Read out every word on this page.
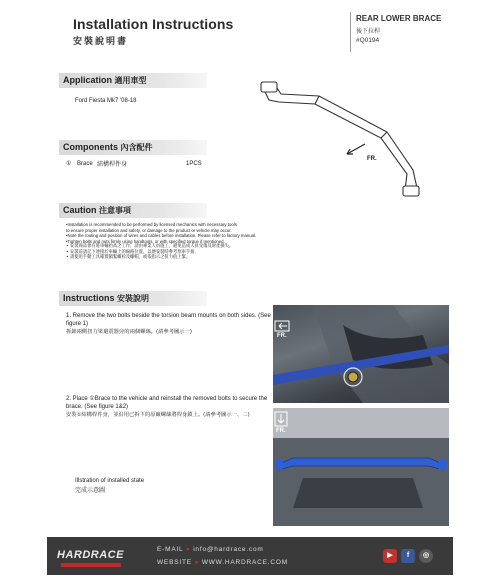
Installation Instructions
安裝說明書
REAR LOWER BRACE
後下拉桿
#Q0194
Application 適用車型
Ford Fiesta Mk7 '08-18
FR.
Components 內含配件
① Brace 結構桿件身	1PCS
Caution 注意事項
•Installation is recommended to be performed by licensed mechanics with necessary tools
to ensure proper installation and safety, or damage to the product or vehicle may occur.
•Note the routing and position of wires and cables before installation. Please refer to factory manual.
•Tighten bolts and nuts firmly using handtools, or with specified torque if mentioned.
• 安裝商品會有將車輛抬高之工作，請由專業人員施工，避免造成人員受傷及財產損失。
• 安裝前請記下連接於車輛上的線路位置，以便安裝時參考原車手冊。
• 請使用手動工具確實鎖緊螺栓及螺帽，或依指示之扭力值上緊。
Instructions 安裝說明
1. Remove the two bolts beside the torsion beam mounts on both sides. (See figure 1)
拆卸兩側扭力梁避震器旁的兩個螺絲。(請參考圖示一)
2. Place ①Brace to the vehicle and reinstall the removed bolts to secure the brace. (See figure 1&2)
安裝①結構桿件身，並沿用已拆下的原廠螺絲將桿身鎖上。(請參考圖示一、二)
Illstration of installed state
完成示意圖
FR.
FR.
HARDRACE	E-MAIL ● info@hardrace.com
WEBSITE ● WWW.HARDRACE.COM
▶	f	◎
